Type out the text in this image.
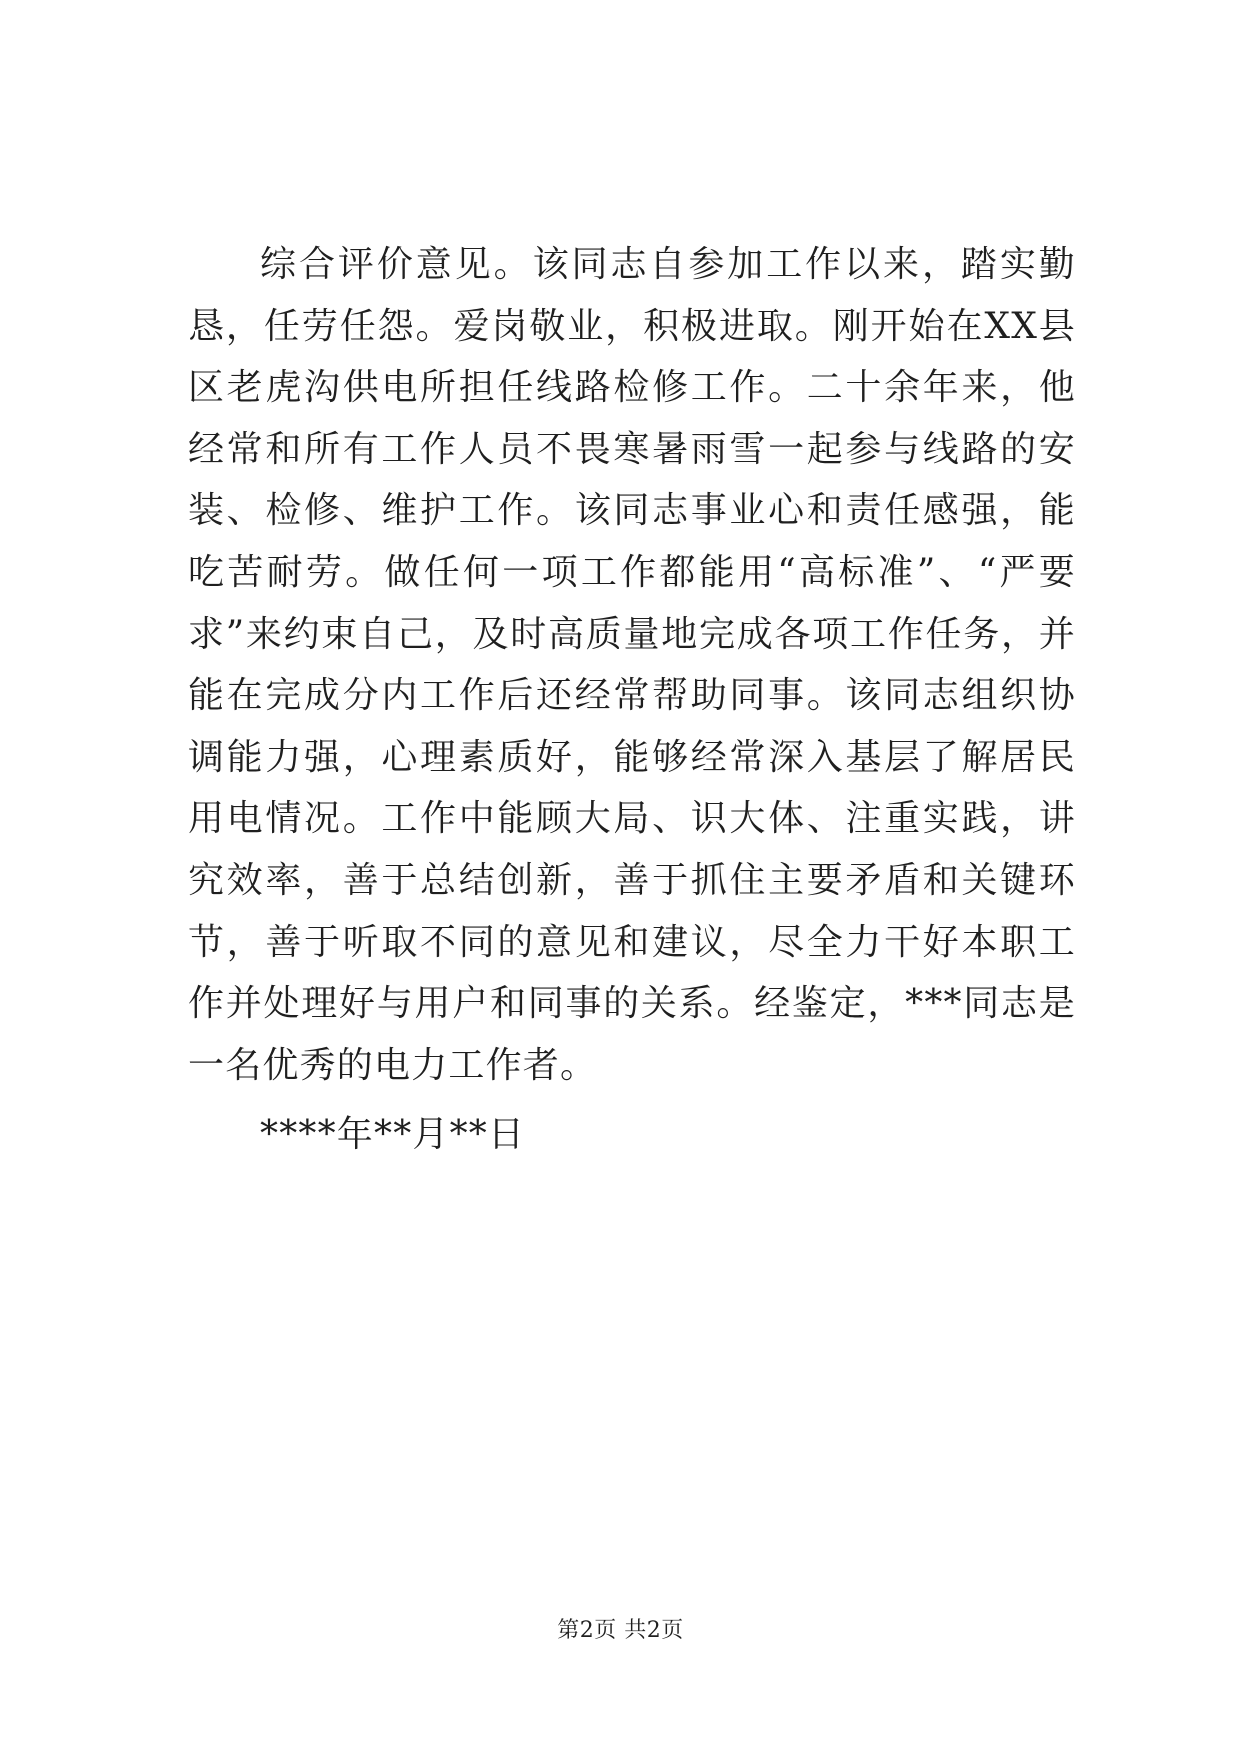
综合评价意见。该同志自参加工作以来，踏实勤恳，任劳任怨。爱岗敬业，积极进取。刚开始在XX县区老虎沟供电所担任线路检修工作。二十余年来，他经常和所有工作人员不畏寒暑雨雪一起参与线路的安装、检修、维护工作。该同志事业心和责任感强，能吃苦耐劳。做任何一项工作都能用“高标准”、“严要求”来约束自己，及时高质量地完成各项工作任务，并能在完成分内工作后还经常帮助同事。该同志组织协调能力强，心理素质好，能够经常深入基层了解居民用电情况。工作中能顾大局、识大体、注重实践，讲究效率，善于总结创新，善于抓住主要矛盾和关键环节，善于听取不同的意见和建议，尽全力干好本职工作并处理好与用户和同事的关系。经鉴定，***同志是一名优秀的电力工作者。

****年**月**日

第2页 共2页
